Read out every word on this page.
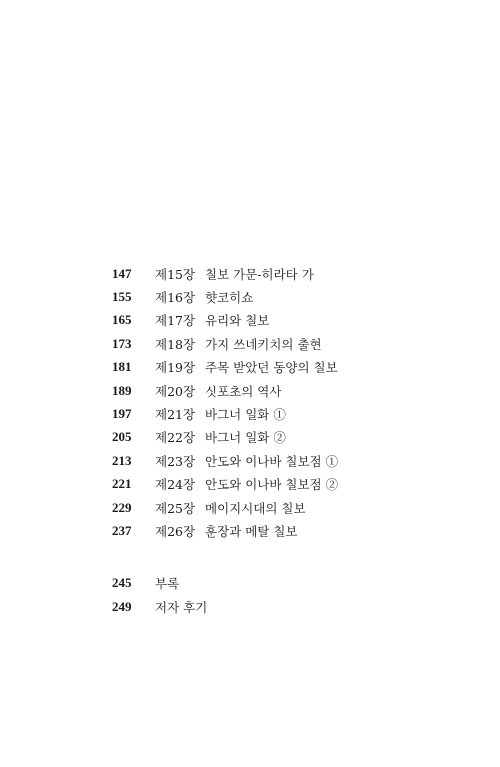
147	제15장 칠보 가문-히라타 가
155	제16장 햣코히쇼
165	제17장 유리와 칠보
173	제18장 가지 쓰네키치의 출현
181	제19장 주목 받았던 동양의 칠보
189	제20장 싯포초의 역사
197	제21장 바그너 일화 ①
205	제22장 바그너 일화 ②
213	제23장 안도와 이나바 칠보점 ①
221	제24장 안도와 이나바 칠보점 ②
229	제25장 메이지시대의 칠보
237	제26장 훈장과 메탈 칠보
245	부록
249	저자 후기
